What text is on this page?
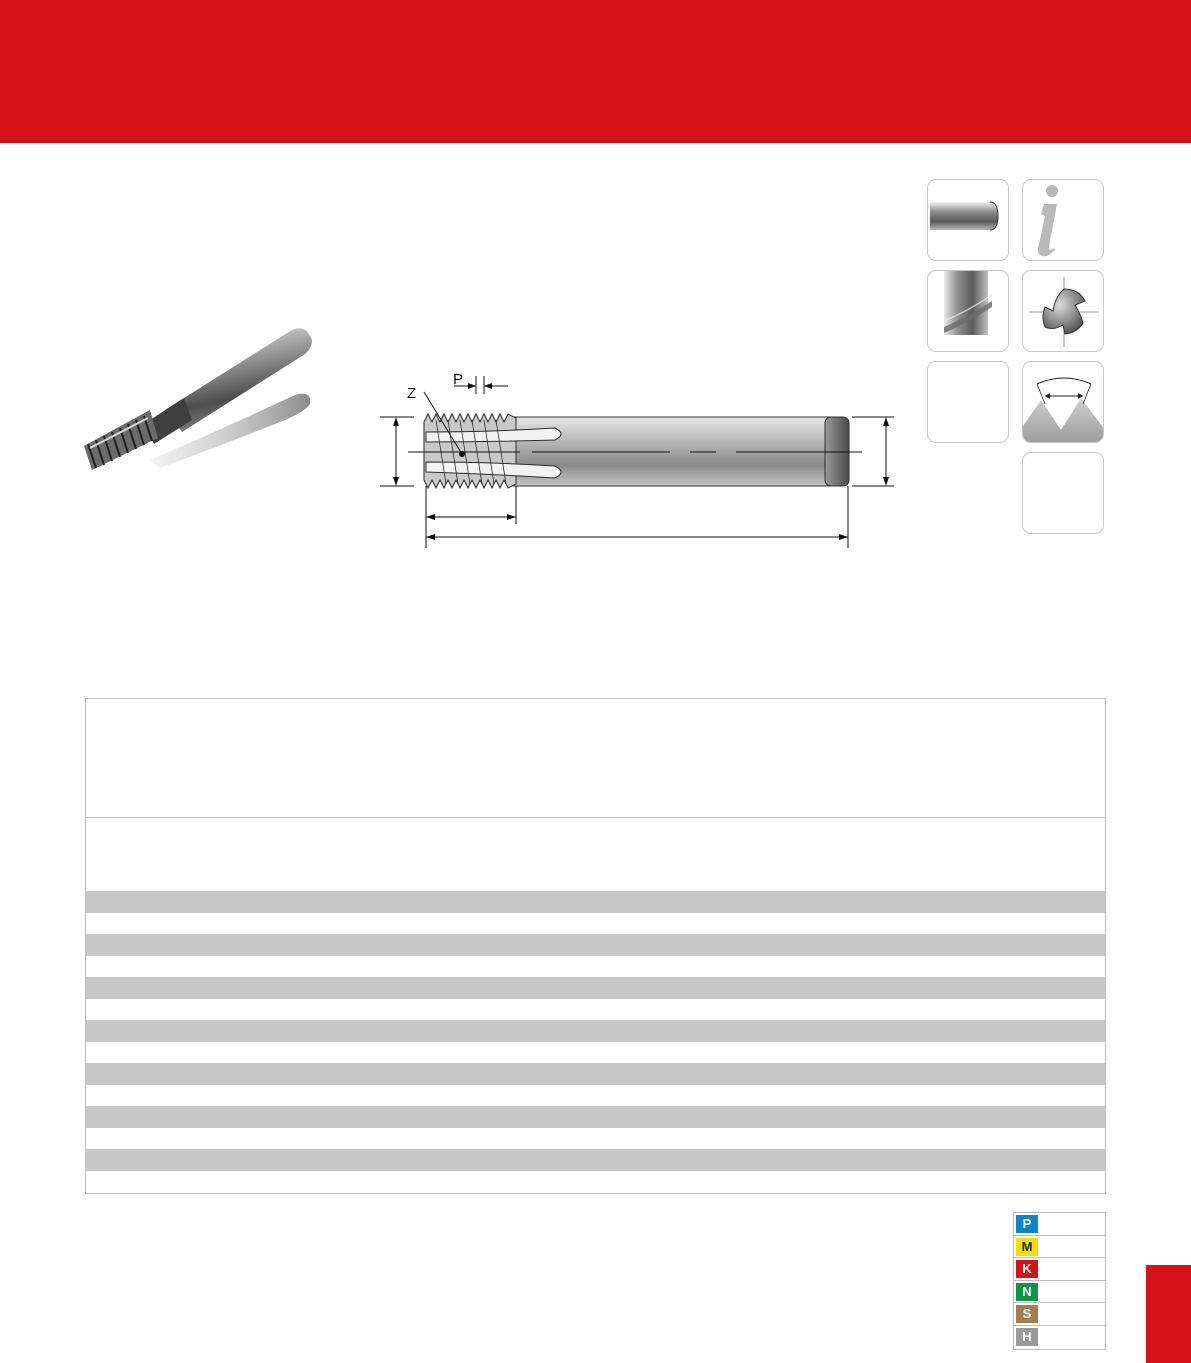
Z
P
P
M
K
N
S
H
